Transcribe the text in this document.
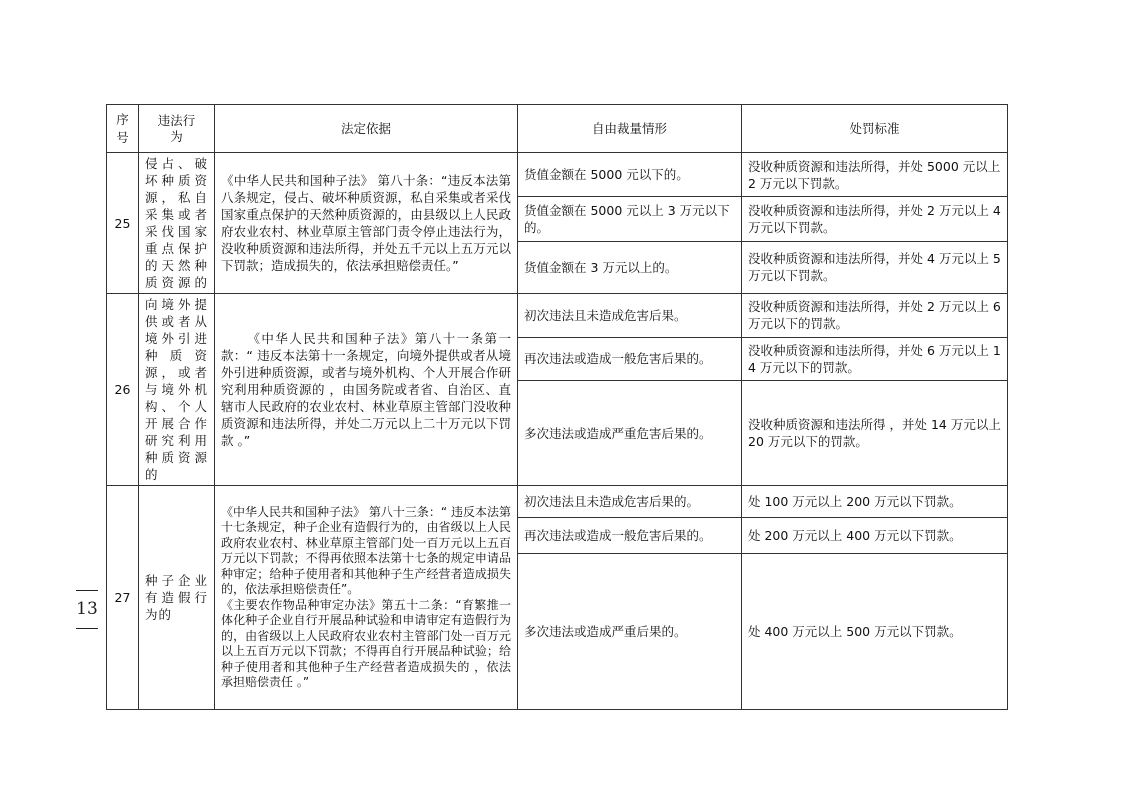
13
序号	违法行为	法定依据	自由裁量情形	处罚标准
25	侵占、破坏种质资源，私自采集或者采伐国家重点保护的天然种质资源的	《中华人民共和国种子法》 第八十条：“违反本法第八条规定，侵占、破坏种质资源，私自采集或者采伐国家重点保护的天然种质资源的，由县级以上人民政府农业农村、林业草原主管部门责令停止违法行为，没收种质资源和违法所得，并处五千元以上五万元以下罚款；造成损失的，依法承担赔偿责任。”	货值金额在 5000 元以下的。	没收种质资源和违法所得，并处 5000 元以上 2 万元以下罚款。
			货值金额在 5000 元以上 3 万元以下的。	没收种质资源和违法所得，并处 2 万元以上 4 万元以下罚款。
			货值金额在 3 万元以上的。	没收种质资源和违法所得，并处 4 万元以上 5 万元以下罚款。
26	向境外提供或者从境外引进种质资源，或者与境外机构、个人开展合作研究利用种质资源的	《中华人民共和国种子法》第八十一条第一款：“ 违反本法第十一条规定，向境外提供或者从境外引进种质资源，或者与境外机构、个人开展合作研究利用种质资源的 ，由国务院或者省、自治区、直辖市人民政府的农业农村、林业草原主管部门没收种质资源和违法所得，并处二万元以上二十万元以下罚款 。”	初次违法且未造成危害后果。	没收种质资源和违法所得，并处 2 万元以上 6 万元以下的罚款。
			再次违法或造成一般危害后果的。	没收种质资源和违法所得，并处 6 万元以上 14 万元以下的罚款。
			多次违法或造成严重危害后果的。	没收种质资源和违法所得 ，并处 14 万元以上 20 万元以下的罚款。
27	种子企业有造假行为的	《中华人民共和国种子法》 第八十三条：“ 违反本法第十七条规定，种子企业有造假行为的，由省级以上人民政府农业农村、林业草原主管部门处一百万元以上五百万元以下罚款；不得再依照本法第十七条的规定申请品种审定；给种子使用者和其他种子生产经营者造成损失的，依法承担赔偿责任”。
《主要农作物品种审定办法》第五十二条：“育繁推一体化种子企业自行开展品种试验和申请审定有造假行为的，由省级以上人民政府农业农村主管部门处一百万元以上五百万元以下罚款；不得再自行开展品种试验；给种子使用者和其他种子生产经营者造成损失的 ，依法承担赔偿责任 。”	初次违法且未造成危害后果的。	处 100 万元以上 200 万元以下罚款。
			再次违法或造成一般危害后果的。	处 200 万元以上 400 万元以下罚款。
			多次违法或造成严重后果的。	处 400 万元以上 500 万元以下罚款。
